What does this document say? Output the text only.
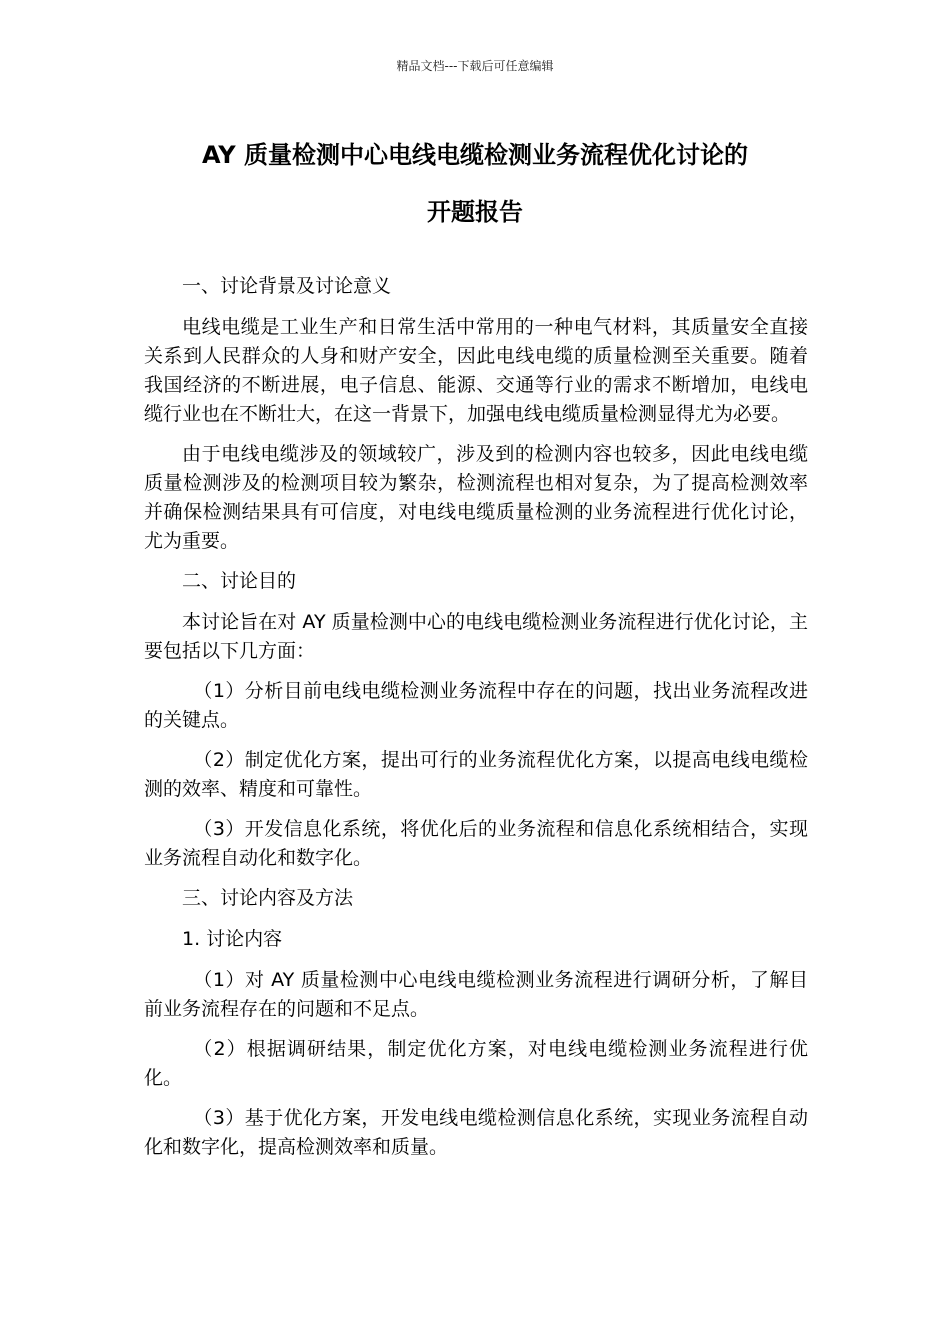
精品文档---下载后可任意编辑
AY 质量检测中心电线电缆检测业务流程优化讨论的
开题报告

一、讨论背景及讨论意义

电线电缆是工业生产和日常生活中常用的一种电气材料，其质量安全直接关系到人民群众的人身和财产安全，因此电线电缆的质量检测至关重要。随着我国经济的不断进展，电子信息、能源、交通等行业的需求不断增加，电线电缆行业也在不断壮大，在这一背景下，加强电线电缆质量检测显得尤为必要。

由于电线电缆涉及的领域较广，涉及到的检测内容也较多，因此电线电缆质量检测涉及的检测项目较为繁杂，检测流程也相对复杂，为了提高检测效率并确保检测结果具有可信度，对电线电缆质量检测的业务流程进行优化讨论，尤为重要。

二、讨论目的

本讨论旨在对 AY 质量检测中心的电线电缆检测业务流程进行优化讨论，主要包括以下几方面：

（1）分析目前电线电缆检测业务流程中存在的问题，找出业务流程改进的关键点。

（2）制定优化方案，提出可行的业务流程优化方案，以提高电线电缆检测的效率、精度和可靠性。

（3）开发信息化系统，将优化后的业务流程和信息化系统相结合，实现业务流程自动化和数字化。

三、讨论内容及方法

1. 讨论内容

（1）对 AY 质量检测中心电线电缆检测业务流程进行调研分析，了解目前业务流程存在的问题和不足点。

（2）根据调研结果，制定优化方案，对电线电缆检测业务流程进行优化。

（3）基于优化方案，开发电线电缆检测信息化系统，实现业务流程自动化和数字化，提高检测效率和质量。
